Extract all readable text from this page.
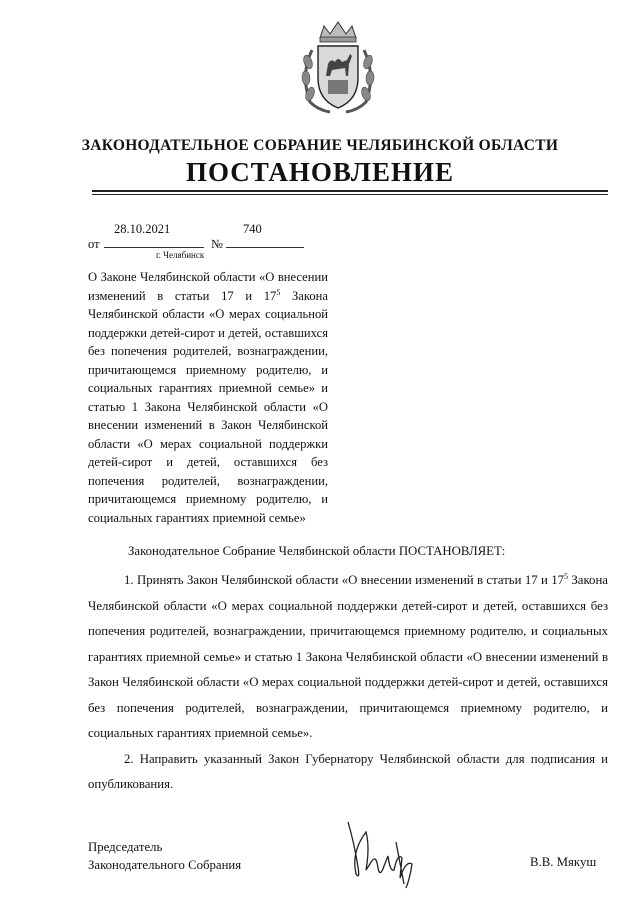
ЗАКОНОДАТЕЛЬНОЕ СОБРАНИЕ ЧЕЛЯБИНСКОЙ ОБЛАСТИ
ПОСТАНОВЛЕНИЕ
от
28.10.2021
№
740
г. Челябинск
О Законе Челябинской области «О внесении изменений в статьи 17 и $17^5$ Закона Челябинской области «О мерах социальной поддержки детей-сирот и детей, оставшихся без попечения родителей, вознаграждении, причитающемся приемному родителю, и социальных гарантиях приемной семье» и статью 1 Закона Челябинской области «О внесении изменений в Закон Челябинской области «О мерах социальной поддержки детей-сирот и детей, оставшихся без попечения родителей, вознаграждении, причитающемся приемному родителю, и социальных гарантиях приемной семье»
Законодательное Собрание Челябинской области ПОСТАНОВЛЯЕТ:

1. Принять Закон Челябинской области «О внесении изменений в статьи 17 и $17^5$ Закона Челябинской области «О мерах социальной поддержки детей-сирот и детей, оставшихся без попечения родителей, вознаграждении, причитающемся приемному родителю, и социальных гарантиях приемной семье» и статью 1 Закона Челябинской области «О внесении изменений в Закон Челябинской области «О мерах социальной поддержки детей-сирот и детей, оставшихся без попечения родителей, вознаграждении, причитающемся приемному родителю, и социальных гарантиях приемной семье».

2. Направить указанный Закон Губернатору Челябинской области для подписания и опубликования.

Председатель
Законодательного Собрания	В.В. Мякуш
